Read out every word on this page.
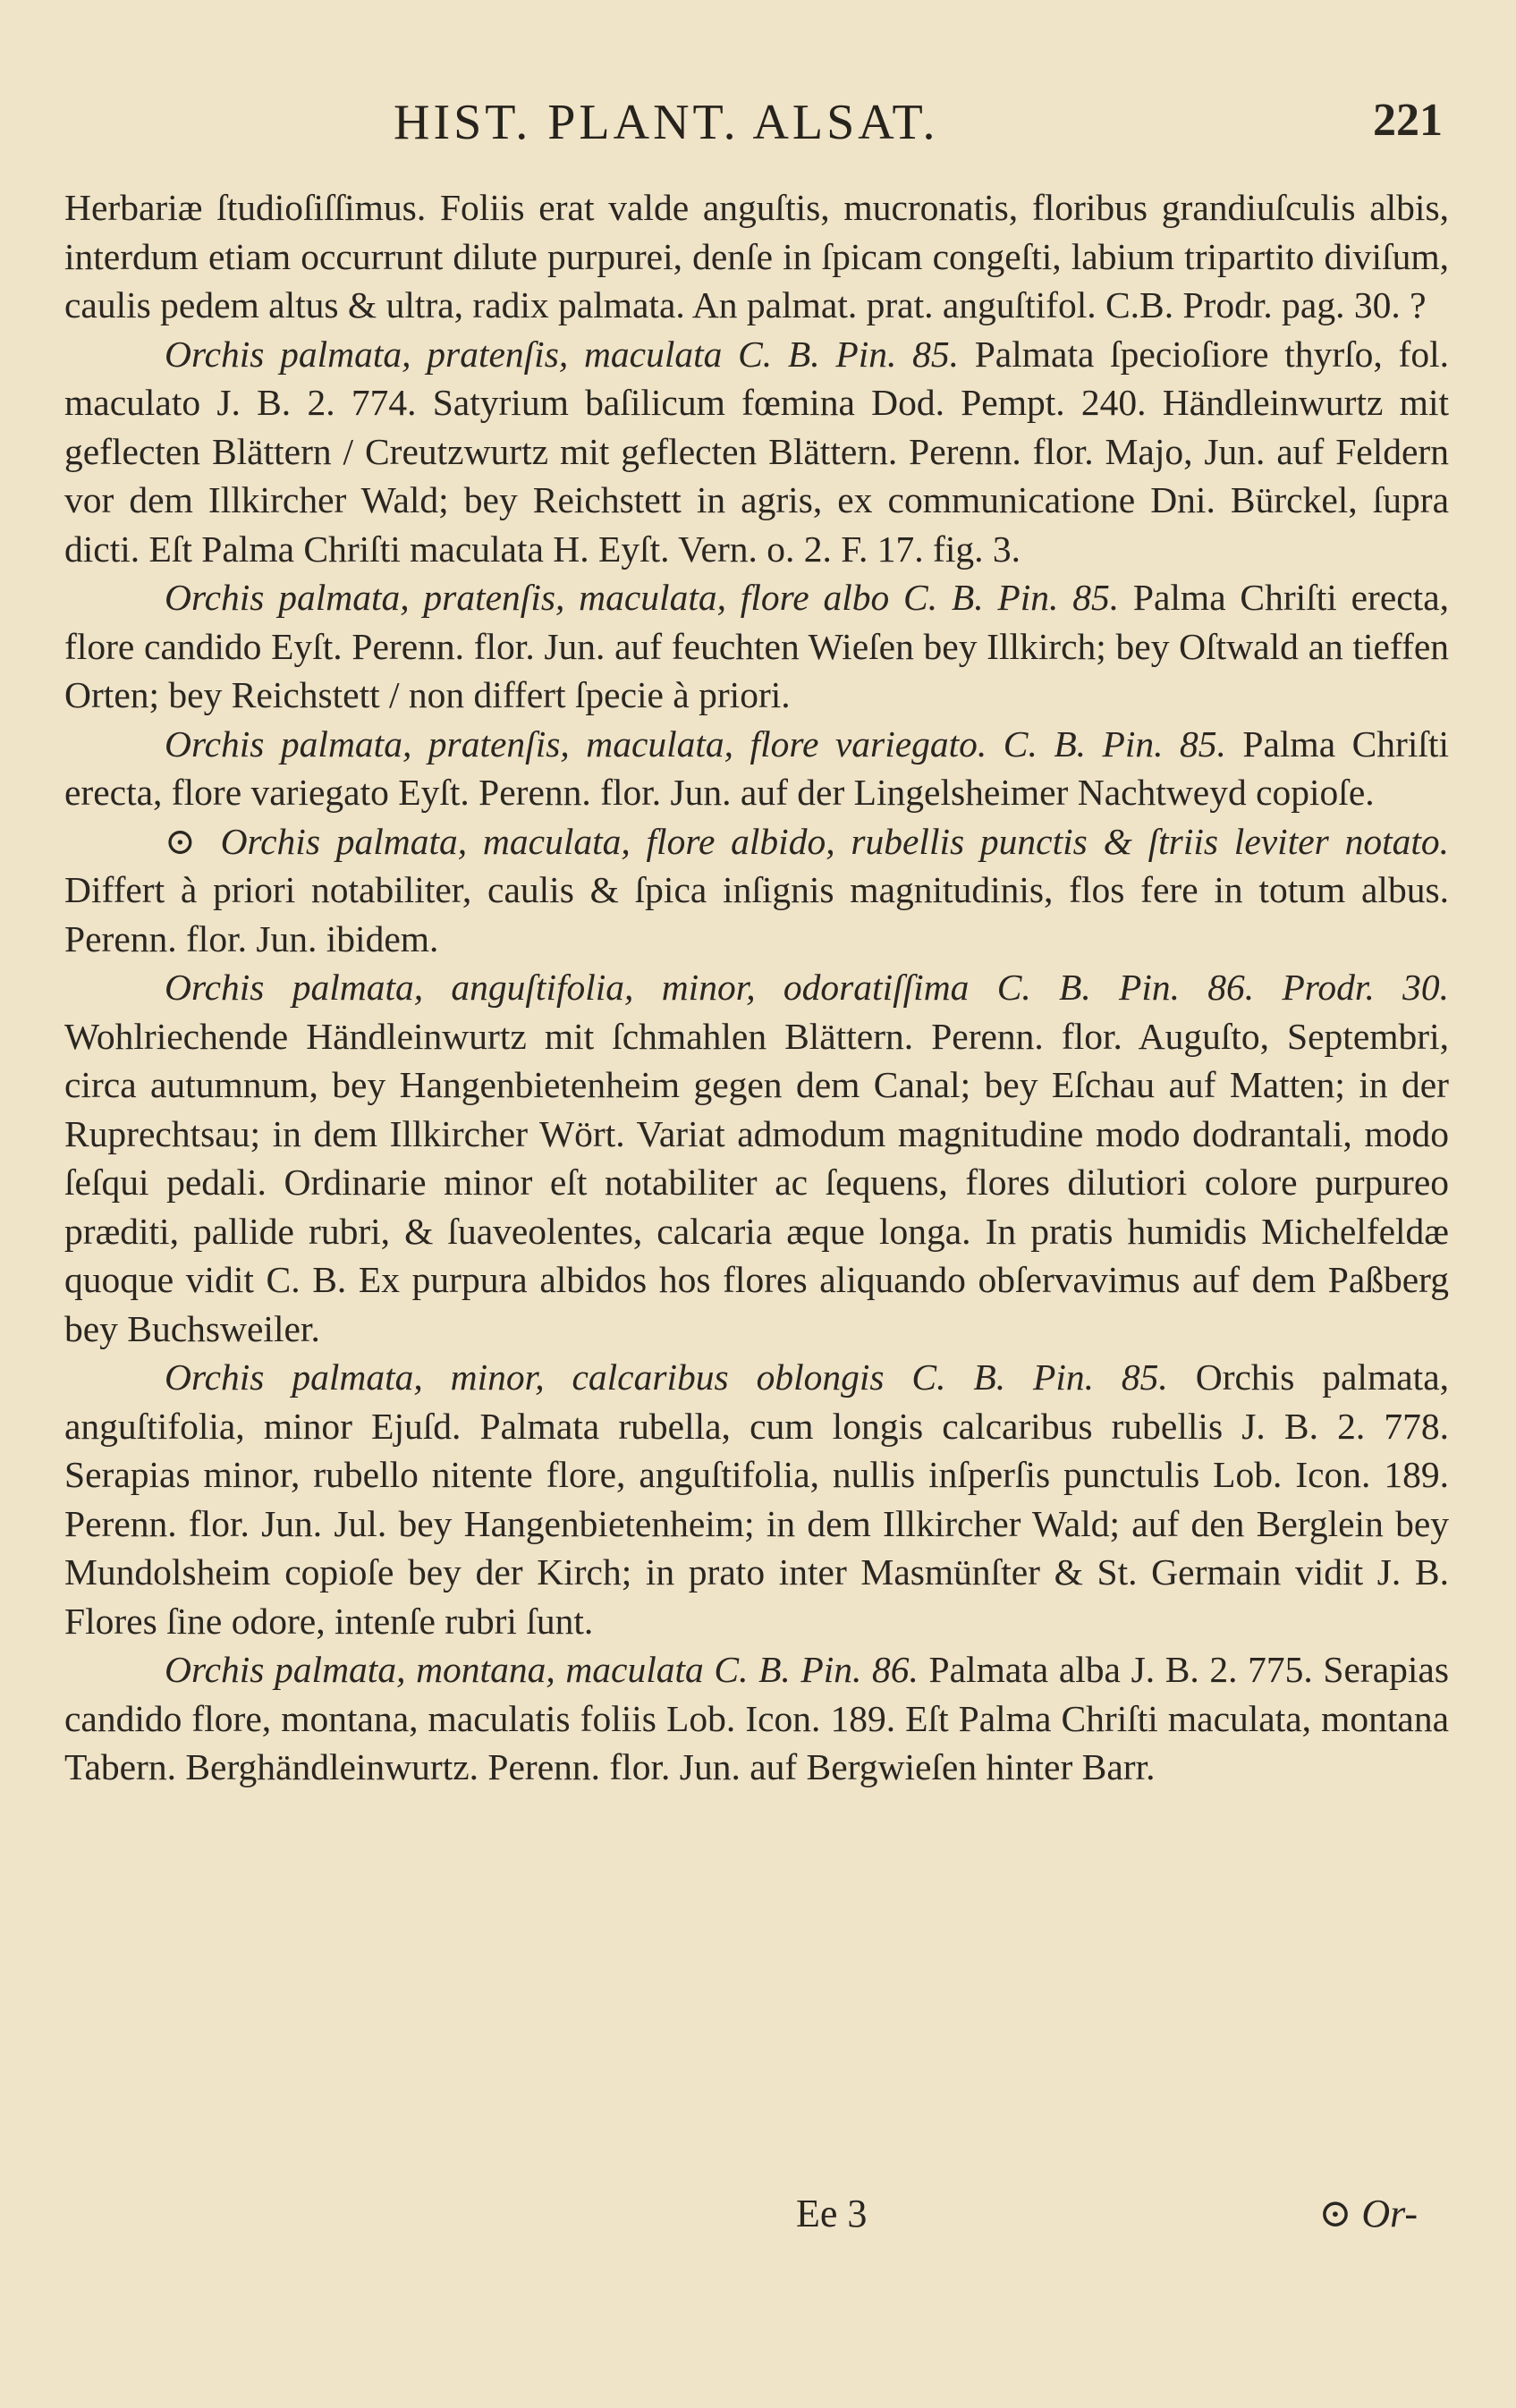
HIST. PLANT. ALSAT.	221

Herbariæ ſtudioſiſſimus. Foliis erat valde anguſtis, mucronatis, floribus grandiuſculis albis, interdum etiam occurrunt dilute purpurei, denſe in ſpicam congeſti, labium tripartito diviſum, caulis pedem altus & ultra, radix palmata. An palmat. prat. anguſtifol. C.B. Prodr. pag. 30. ?

Orchis palmata, pratenſis, maculata C. B. Pin. 85. Palmata ſpecioſiore thyrſo, fol. maculato J. B. 2. 774. Satyrium baſilicum fœmina Dod. Pempt. 240. Händleinwurtz mit geflecten Blättern / Creutzwurtz mit geflecten Blättern. Perenn. flor. Majo, Jun. auf Feldern vor dem Illkircher Wald; bey Reichstett in agris, ex communicatione Dni. Bürckel, ſupra dicti. Eſt Palma Chriſti maculata H. Eyſt. Vern. o. 2. F. 17. fig. 3.

Orchis palmata, pratenſis, maculata, flore albo C. B. Pin. 85. Palma Chriſti erecta, flore candido Eyſt. Perenn. flor. Jun. auf feuchten Wieſen bey Illkirch; bey Oſtwald an tieffen Orten; bey Reichstett / non differt ſpecie à priori.

Orchis palmata, pratenſis, maculata, flore variegato. C. B. Pin. 85. Palma Chriſti erecta, flore variegato Eyſt. Perenn. flor. Jun. auf der Lingelsheimer Nachtweyd copioſe.

⊙ Orchis palmata, maculata, flore albido, rubellis punctis & ſtriis leviter notato. Differt à priori notabiliter, caulis & ſpica inſignis magnitudinis, flos fere in totum albus. Perenn. flor. Jun. ibidem.

Orchis palmata, anguſtifolia, minor, odoratiſſima C. B. Pin. 86. Prodr. 30. Wohlriechende Händleinwurtz mit ſchmahlen Blättern. Perenn. flor. Auguſto, Septembri, circa autumnum, bey Hangenbietenheim gegen dem Canal; bey Eſchau auf Matten; in der Ruprechtsau; in dem Illkircher Wört. Variat admodum magnitudine modo dodrantali, modo ſeſqui pedali. Ordinarie minor eſt notabiliter ac ſequens, flores dilutiori colore purpureo præditi, pallide rubri, & ſuaveolentes, calcaria æque longa. In pratis humidis Michelfeldæ quoque vidit C. B. Ex purpura albidos hos flores aliquando obſervavimus auf dem Paßberg bey Buchsweiler.

Orchis palmata, minor, calcaribus oblongis C. B. Pin. 85. Orchis palmata, anguſtifolia, minor Ejuſd. Palmata rubella, cum longis calcaribus rubellis J. B. 2. 778. Serapias minor, rubello nitente flore, anguſtifolia, nullis inſperſis punctulis Lob. Icon. 189. Perenn. flor. Jun. Jul. bey Hangenbietenheim; in dem Illkircher Wald; auf den Berglein bey Mundolsheim copioſe bey der Kirch; in prato inter Masmünſter & St. Germain vidit J. B. Flores ſine odore, intenſe rubri ſunt.

Orchis palmata, montana, maculata C. B. Pin. 86. Palmata alba J. B. 2. 775. Serapias candido flore, montana, maculatis foliis Lob. Icon. 189. Eſt Palma Chriſti maculata, montana Tabern. Berghändleinwurtz. Perenn. flor. Jun. auf Bergwieſen hinter Barr.

Ee 3	⊙ Or-
